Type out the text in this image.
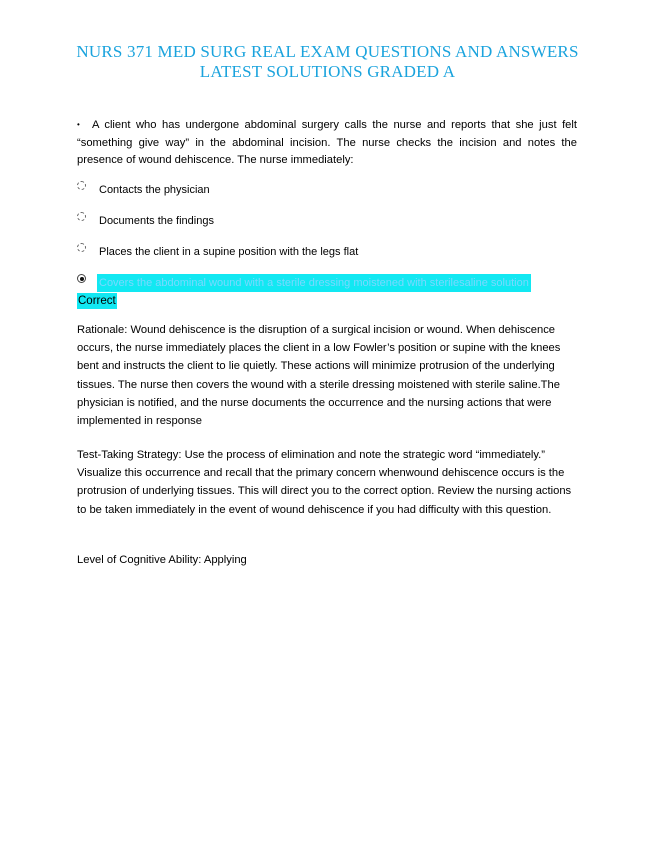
NURS 371 MED SURG REAL EXAM QUESTIONS AND ANSWERS
LATEST SOLUTIONS GRADED A
• A client who has undergone abdominal surgery calls the nurse and reports that she just felt “something give way” in the abdominal incision. The nurse checks the incision and notes the presence of wound dehiscence. The nurse immediately:
Contacts the physician
Documents the findings
Places the client in a supine position with the legs flat
Covers the abdominal wound with a sterile dressing moistened with sterilesaline solution
Correct
Rationale: Wound dehiscence is the disruption of a surgical incision or wound. When dehiscence occurs, the nurse immediately places the client in a low Fowler’s position or supine with the knees bent and instructs the client to lie quietly. These actions will minimize protrusion of the underlying tissues. The nurse then covers the wound with a sterile dressing moistened with sterile saline.The physician is notified, and the nurse documents the occurrence and the nursing actions that were implemented in response
Test-Taking Strategy: Use the process of elimination and note the strategic word “immediately.” Visualize this occurrence and recall that the primary concern whenwound dehiscence occurs is the protrusion of underlying tissues. This will direct you to the correct option. Review the nursing actions to be taken immediately in the event of wound dehiscence if you had difficulty with this question.
Level of Cognitive Ability: Applying
